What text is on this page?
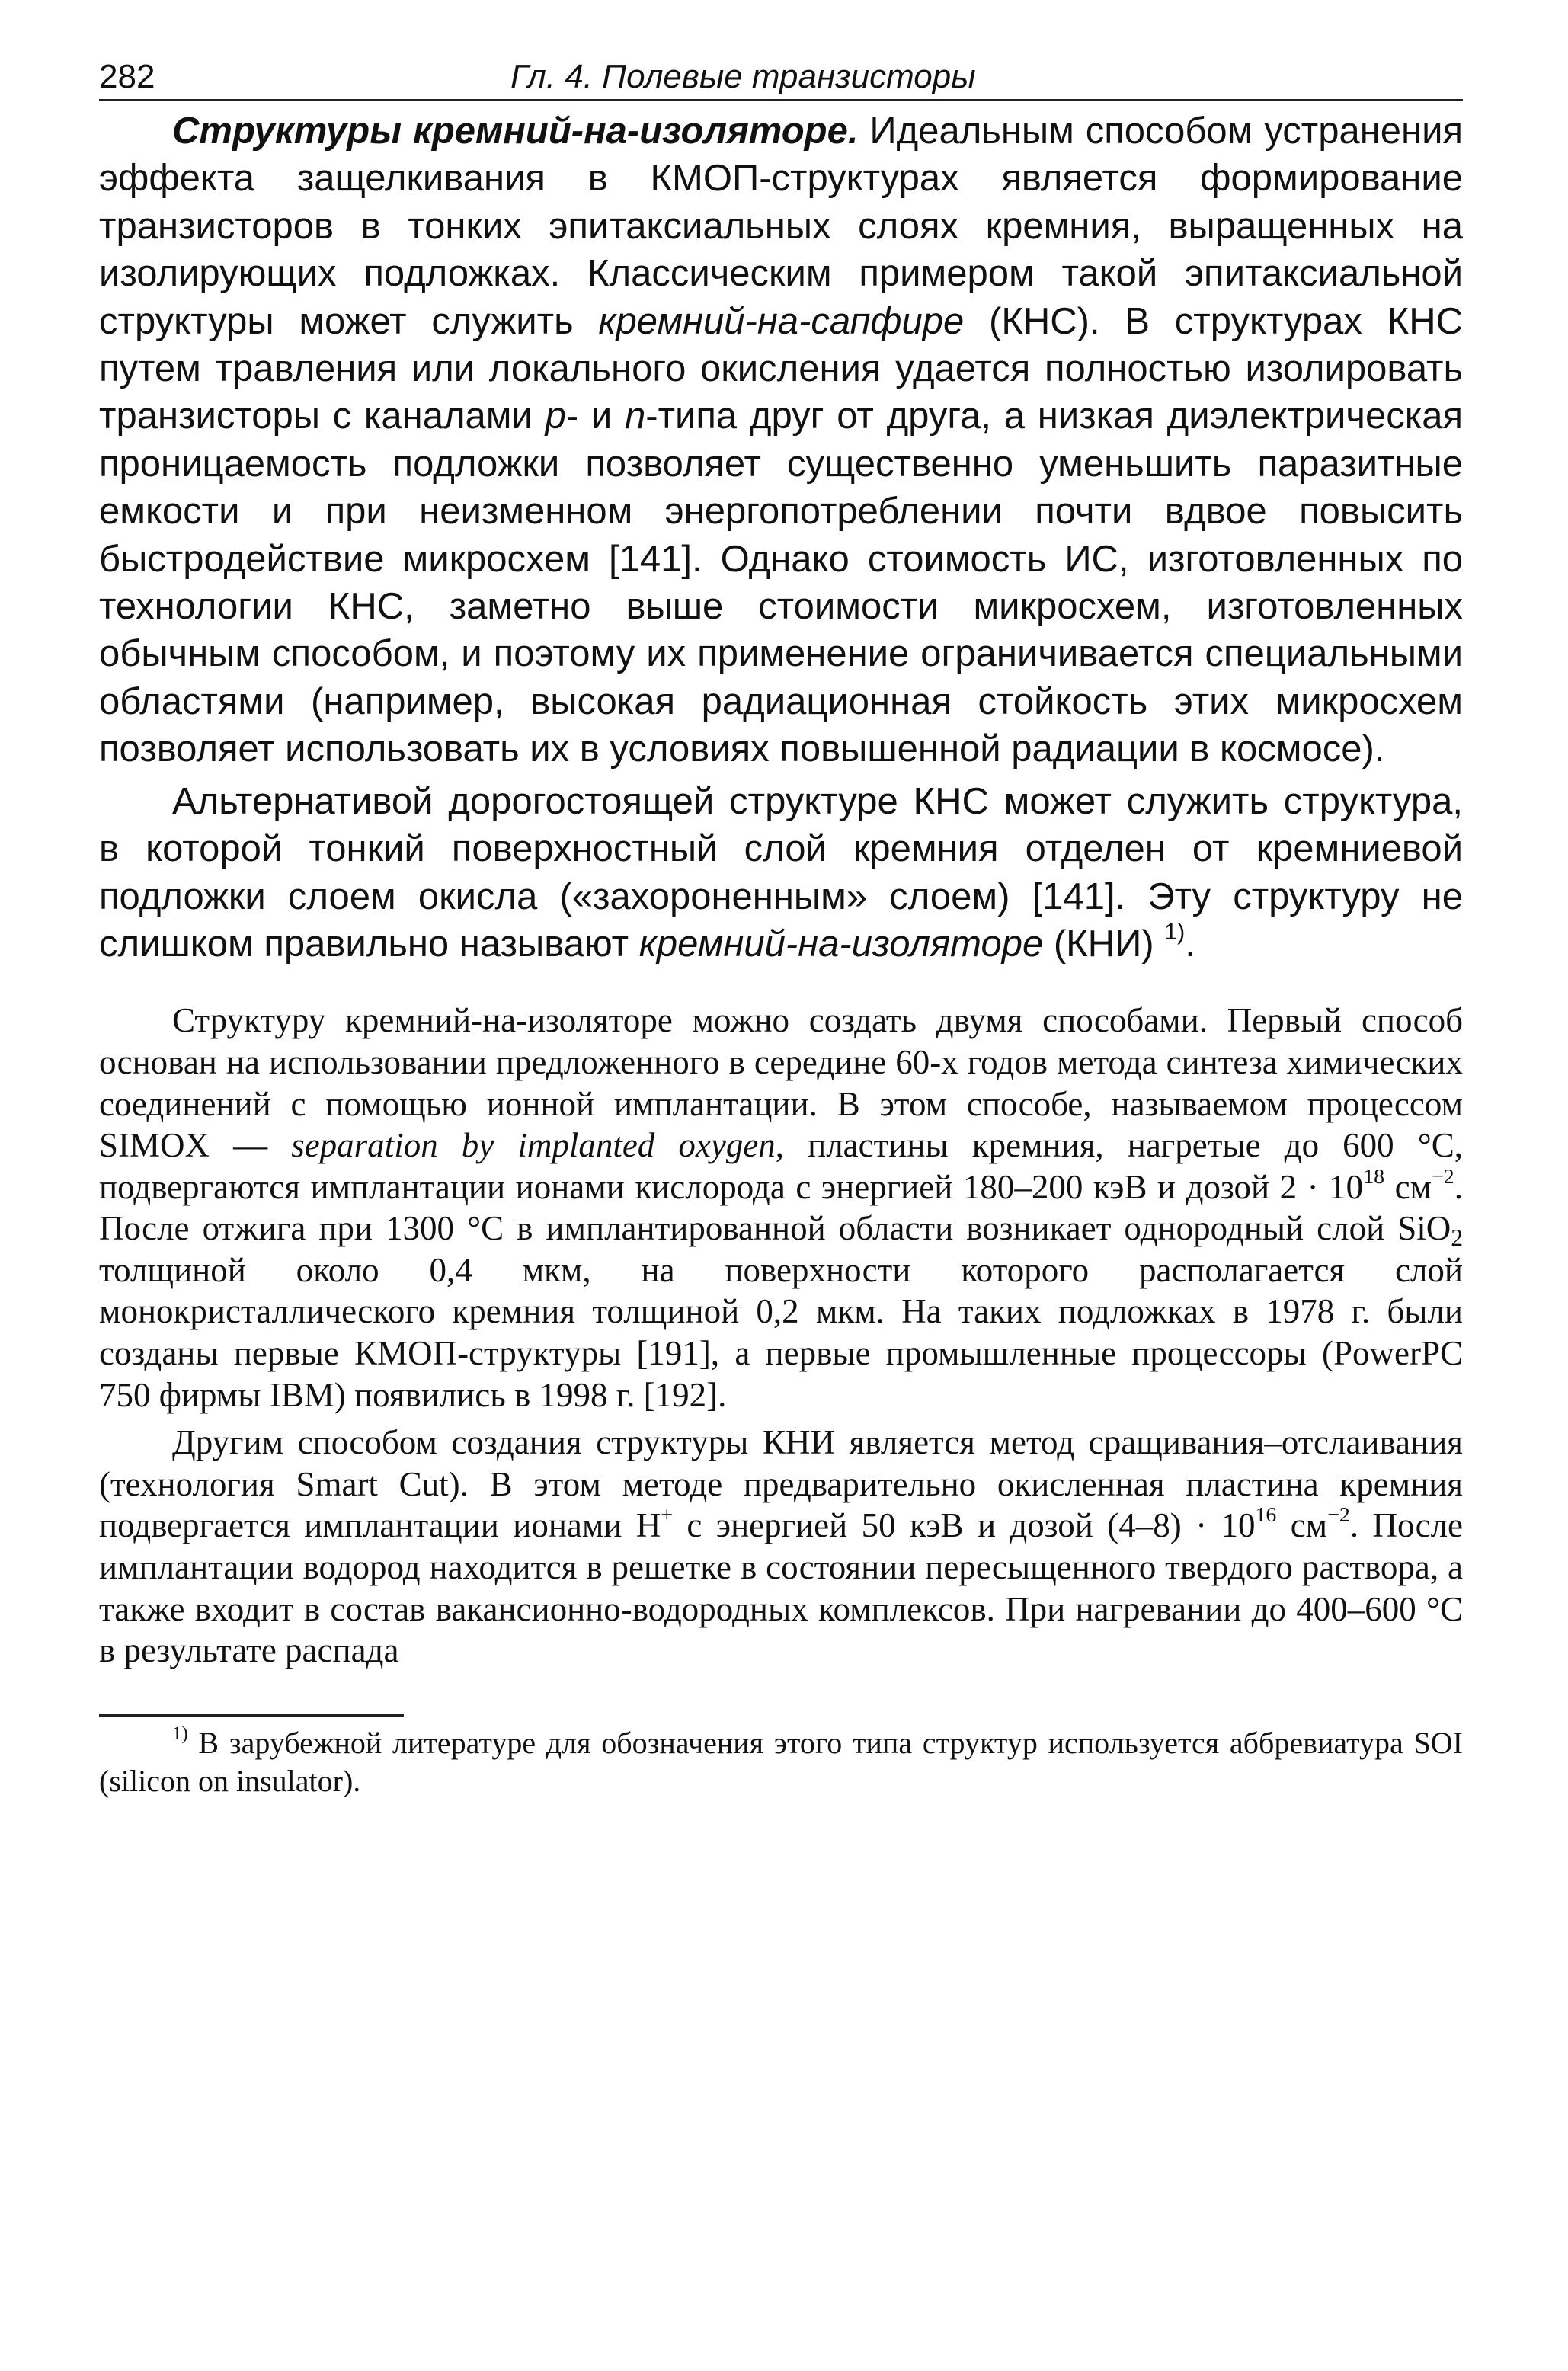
282	Гл. 4. Полевые транзисторы

Структуры кремний-на-изоляторе. Идеальным способом устранения эффекта защелкивания в КМОП-структурах является формирование транзисторов в тонких эпитаксиальных слоях кремния, выращенных на изолирующих подложках. Классическим примером такой эпитаксиальной структуры может служить кремний-на-сапфире (КНС). В структурах КНС путем травления или локального окисления удается полностью изолировать транзисторы с каналами p- и n-типа друг от друга, а низкая диэлектрическая проницаемость подложки позволяет существенно уменьшить паразитные емкости и при неизменном энергопотреблении почти вдвое повысить быстродействие микросхем [141]. Однако стоимость ИС, изготовленных по технологии КНС, заметно выше стоимости микросхем, изготовленных обычным способом, и поэтому их применение ограничивается специальными областями (например, высокая радиационная стойкость этих микросхем позволяет использовать их в условиях повышенной радиации в космосе).

Альтернативой дорогостоящей структуре КНС может служить структура, в которой тонкий поверхностный слой кремния отделен от кремниевой подложки слоем окисла («захороненным» слоем) [141]. Эту структуру не слишком правильно называют кремний-на-изоляторе (КНИ) $^{1)}$.

Структуру кремний-на-изоляторе можно создать двумя способами. Первый способ основан на использовании предложенного в середине 60-х годов метода синтеза химических соединений с помощью ионной имплантации. В этом способе, называемом процессом SIMOX — separation by implanted oxygen, пластины кремния, нагретые до 600 °C, подвергаются имплантации ионами кислорода с энергией 180–200 кэВ и дозой $2 \cdot 10^{18}$ $см^{-2}$. После отжига при 1300 °C в имплантированной области возникает однородный слой SiO$_2$ толщиной около 0,4 мкм, на поверхности которого располагается слой монокристаллического кремния толщиной 0,2 мкм. На таких подложках в 1978 г. были созданы первые КМОП-структуры [191], а первые промышленные процессоры (PowerPC 750 фирмы IBM) появились в 1998 г. [192].

Другим способом создания структуры КНИ является метод сращивания–отслаивания (технология Smart Cut). В этом методе предварительно окисленная пластина кремния подвергается имплантации ионами H+ с энергией 50 кэВ и дозой $(4-8) \cdot 10^{16}$ $см^{-2}$. После имплантации водород находится в решетке в состоянии пересыщенного твердого раствора, а также входит в состав вакансионно-водородных комплексов. При нагревании до 400–600 °C в результате распада

$^{1)}$ В зарубежной литературе для обозначения этого типа структур используется аббревиатура SOI (silicon on insulator).
